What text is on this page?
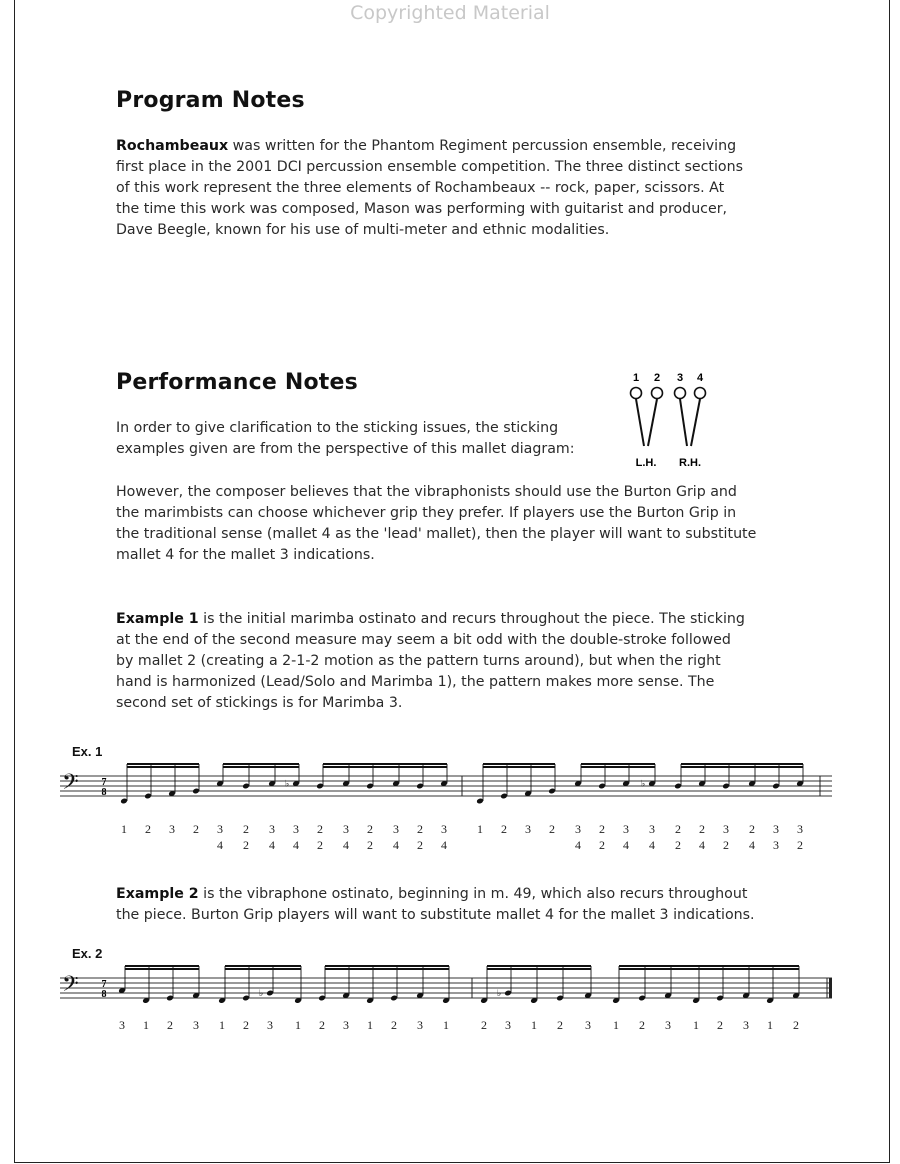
Copyrighted Material
Program Notes
Rochambeaux was written for the Phantom Regiment percussion ensemble, receiving
first place in the 2001 DCI percussion ensemble competition. The three distinct sections
of this work represent the three elements of Rochambeaux -- rock, paper, scissors. At
the time this work was composed, Mason was performing with guitarist and producer,
Dave Beegle, known for his use of multi-meter and ethnic modalities.
Performance Notes
In order to give clarification to the sticking issues, the sticking
examples given are from the perspective of this mallet diagram:
1 2 3 4
L.H. R.H.
However, the composer believes that the vibraphonists should use the Burton Grip and
the marimbists can choose whichever grip they prefer. If players use the Burton Grip in
the traditional sense (mallet 4 as the 'lead' mallet), then the player will want to substitute
mallet 4 for the mallet 3 indications.
Example 1 is the initial marimba ostinato and recurs throughout the piece. The sticking
at the end of the second measure may seem a bit odd with the double-stroke followed
by mallet 2 (creating a 2-1-2 motion as the pattern turns around), but when the right
hand is harmonized (Lead/Solo and Marimba 1), the pattern makes more sense. The
second set of stickings is for Marimba 3.
Ex. 1
𝄢 7
8
♭	♭
1 2 3 2 3 2 3 3 2 3 2 3 2 3	1 2 3 2 3 2 3 3 2 2 3 2 3 3
4 2 4 4 2 4 2 4 2 4	4 2 4 4 2 4 2 4 3 2
Example 2 is the vibraphone ostinato, beginning in m. 49, which also recurs throughout
the piece. Burton Grip players will want to substitute mallet 4 for the mallet 3 indications.
Ex. 2
𝄢 7
8	♭	♭
3 1 2 3 1 2 3 1 2 3 1 2 3 1	2 3 1 2 3 1 2 3 1 2 3 1 2
